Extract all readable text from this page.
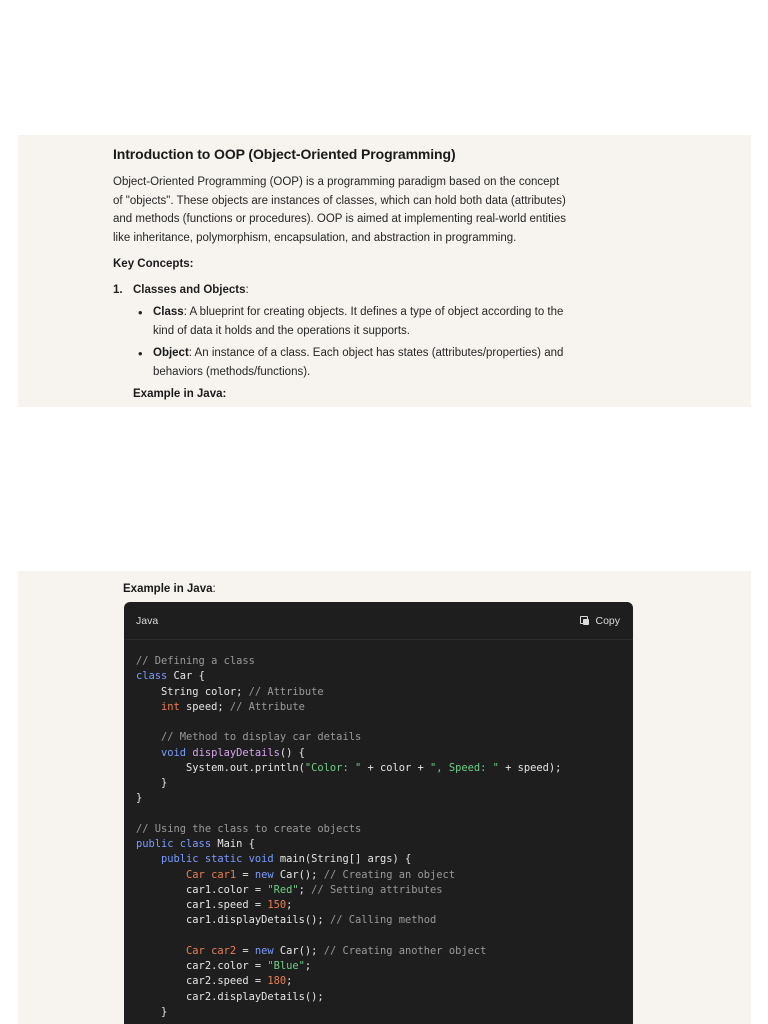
Introduction to OOP (Object-Oriented Programming)
Object-Oriented Programming (OOP) is a programming paradigm based on the concept
of "objects". These objects are instances of classes, which can hold both data (attributes)
and methods (functions or procedures). OOP is aimed at implementing real-world entities
like inheritance, polymorphism, encapsulation, and abstraction in programming.
Key Concepts:
1. Classes and Objects:
• Class: A blueprint for creating objects. It defines a type of object according to the
kind of data it holds and the operations it supports.
• Object: An instance of a class. Each object has states (attributes/properties) and
behaviors (methods/functions).
Example in Java:
Example in Java:
Java	Copy
// Defining a class
class Car {
String color; // Attribute
int speed; // Attribute

// Method to display car details
void displayDetails() {
System.out.println("Color: " + color + ", Speed: " + speed);
}
}

// Using the class to create objects
public class Main {
public static void main(String[] args) {
Car car1 = new Car(); // Creating an object
car1.color = "Red"; // Setting attributes
car1.speed = 150;
car1.displayDetails(); // Calling method

Car car2 = new Car(); // Creating another object
car2.color = "Blue";
car2.speed = 180;
car2.displayDetails();
}
